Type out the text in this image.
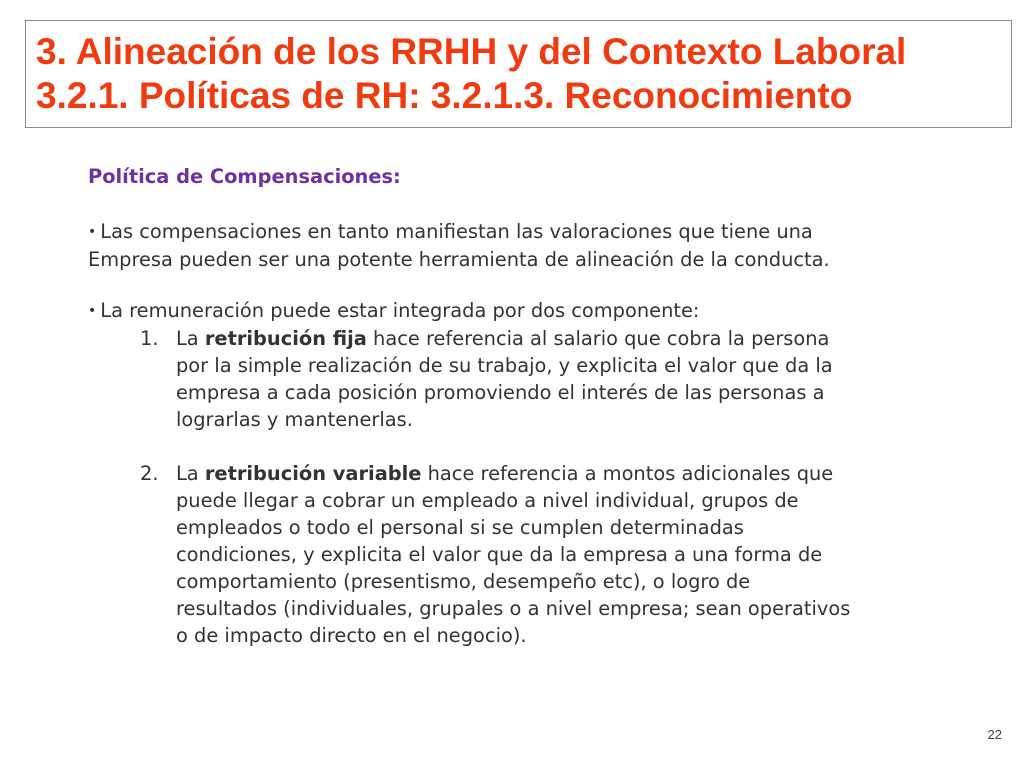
3. Alineación de los RRHH y del Contexto Laboral
3.2.1. Políticas de RH: 3.2.1.3. Reconocimiento
Política de Compensaciones:
• Las compensaciones en tanto manifiestan las valoraciones que tiene una
Empresa pueden ser una potente herramienta de alineación de la conducta.
• La remuneración puede estar integrada por dos componente:
1. La retribución fija hace referencia al salario que cobra la persona
por la simple realización de su trabajo, y explicita el valor que da la
empresa a cada posición promoviendo el interés de las personas a
lograrlas y mantenerlas.
2. La retribución variable hace referencia a montos adicionales que
puede llegar a cobrar un empleado a nivel individual, grupos de
empleados o todo el personal si se cumplen determinadas
condiciones, y explicita el valor que da la empresa a una forma de
comportamiento (presentismo, desempeño etc), o logro de
resultados (individuales, grupales o a nivel empresa; sean operativos
o de impacto directo en el negocio).
22
